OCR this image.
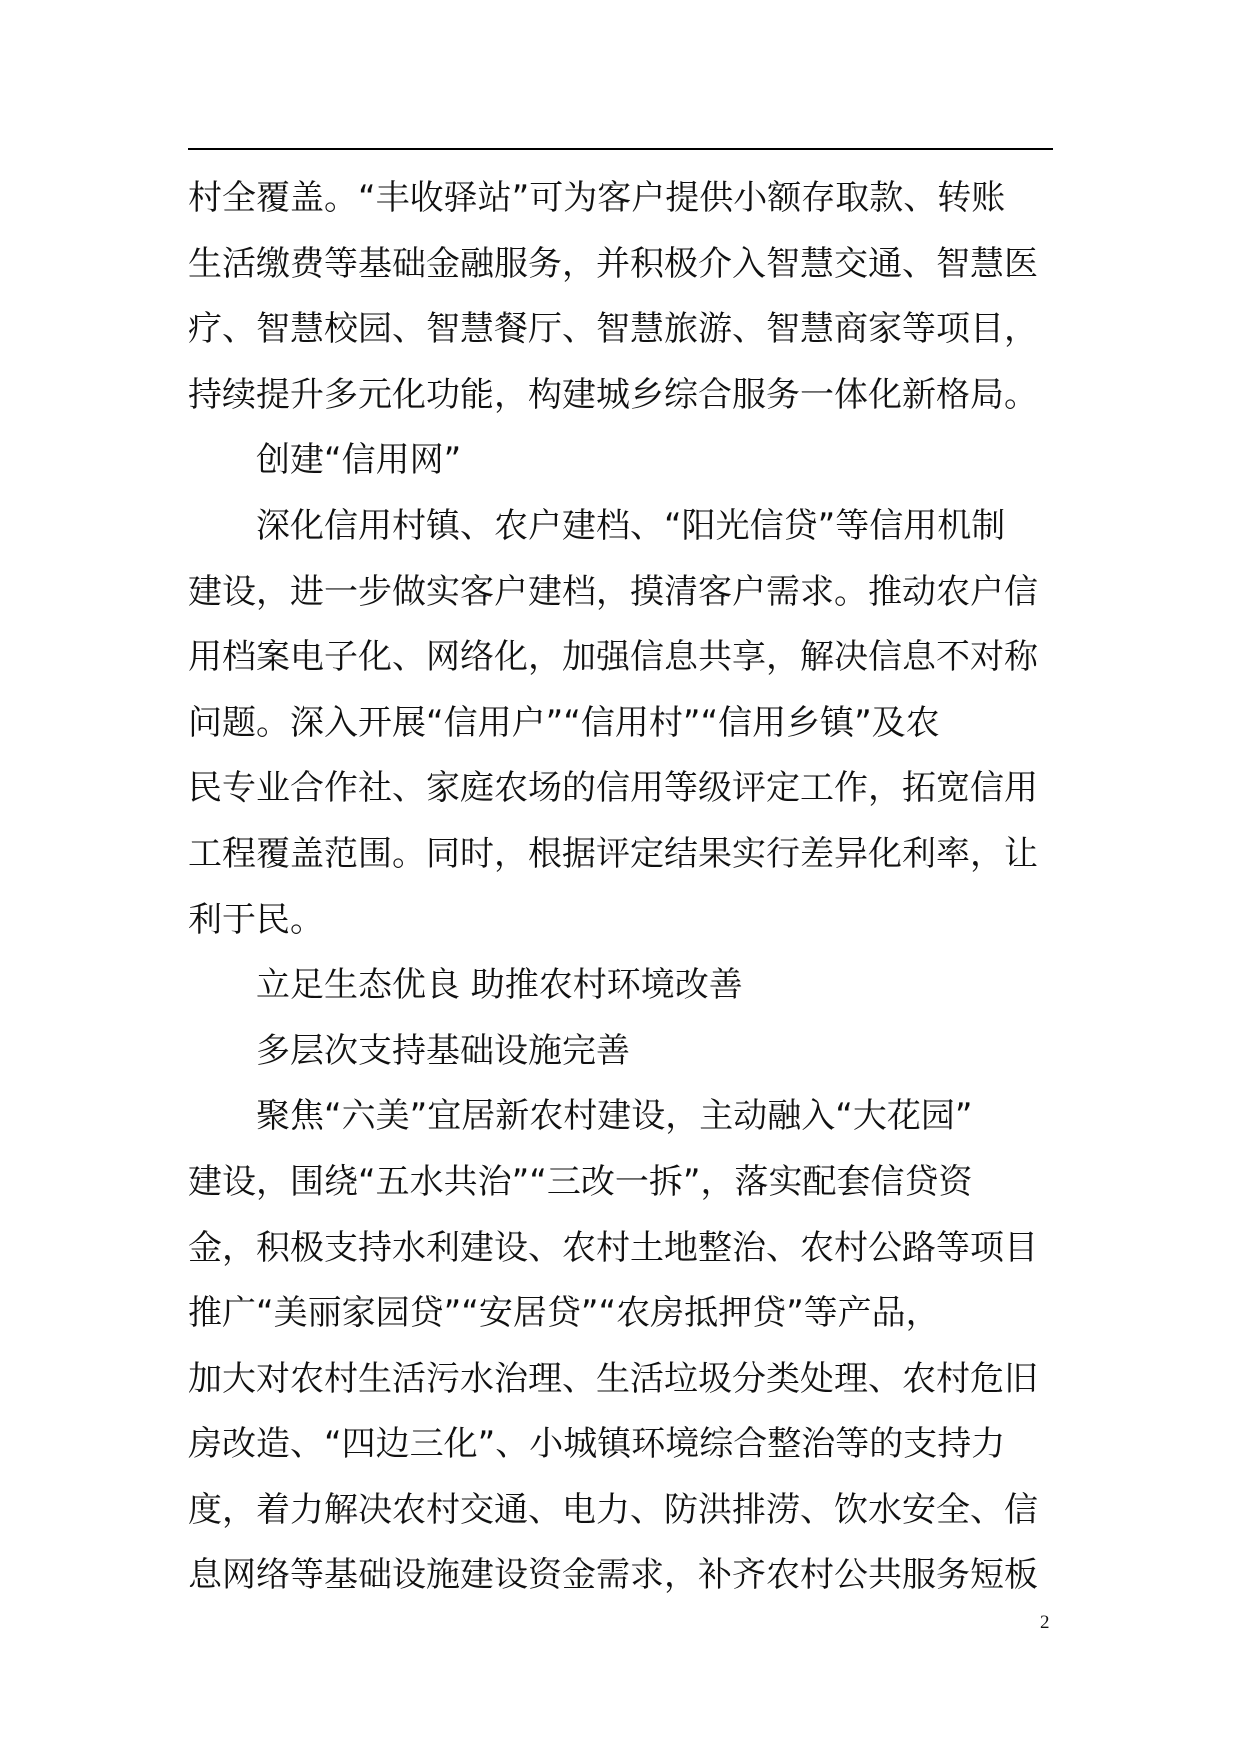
村全覆盖。“丰收驿站”可为客户提供小额存取款、转账
生活缴费等基础金融服务，并积极介入智慧交通、智慧医
疗、智慧校园、智慧餐厅、智慧旅游、智慧商家等项目，
持续提升多元化功能，构建城乡综合服务一体化新格局。
创建“信用网”
深化信用村镇、农户建档、“阳光信贷”等信用机制
建设，进一步做实客户建档，摸清客户需求。推动农户信
用档案电子化、网络化，加强信息共享，解决信息不对称
问题。深入开展“信用户”“信用村”“信用乡镇”及农
民专业合作社、家庭农场的信用等级评定工作，拓宽信用
工程覆盖范围。同时，根据评定结果实行差异化利率，让
利于民。
立足生态优良 助推农村环境改善
多层次支持基础设施完善
聚焦“六美”宜居新农村建设，主动融入“大花园”
建设，围绕“五水共治”“三改一拆”，落实配套信贷资
金，积极支持水利建设、农村土地整治、农村公路等项目
推广“美丽家园贷”“安居贷”“农房抵押贷”等产品，
加大对农村生活污水治理、生活垃圾分类处理、农村危旧
房改造、“四边三化”、小城镇环境综合整治等的支持力
度，着力解决农村交通、电力、防洪排涝、饮水安全、信
息网络等基础设施建设资金需求，补齐农村公共服务短板
2
